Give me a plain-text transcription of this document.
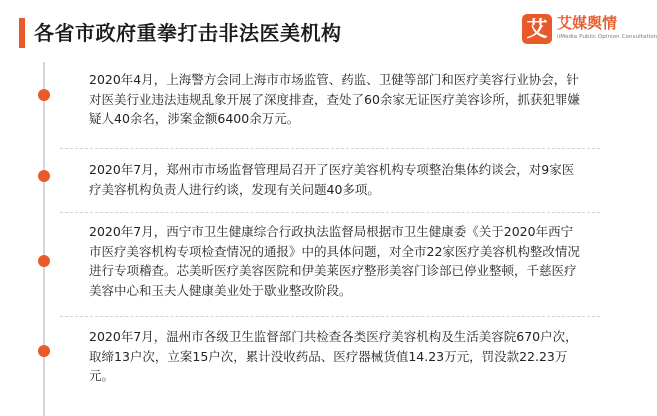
各省市政府重拳打击非法医美机构	艾 艾媒舆情
iiMedia Public Opinion Consultation
2020年4月，上海警方会同上海市市场监管、药监、卫健等部门和医疗美容行业协会，针对医美行业违法违规乱象开展了深度排查，查处了60余家无证医疗美容诊所，抓获犯罪嫌疑人40余名，涉案金额6400余万元。
2020年7月，郑州市市场监督管理局召开了医疗美容机构专项整治集体约谈会，对9家医疗美容机构负责人进行约谈，发现有关问题40多项。
2020年7月，西宁市卫生健康综合行政执法监督局根据市卫生健康委《关于2020年西宁市医疗美容机构专项检查情况的通报》中的具体问题，对全市22家医疗美容机构整改情况进行专项稽查。芯美昕医疗美容医院和伊美莱医疗整形美容门诊部已停业整顿，千慈医疗美容中心和玉夫人健康美业处于歇业整改阶段。
2020年7月，温州市各级卫生监督部门共检查各类医疗美容机构及生活美容院670户次，取缔13户次，立案15户次，累计没收药品、医疗器械货值14.23万元，罚没款22.23万元。
